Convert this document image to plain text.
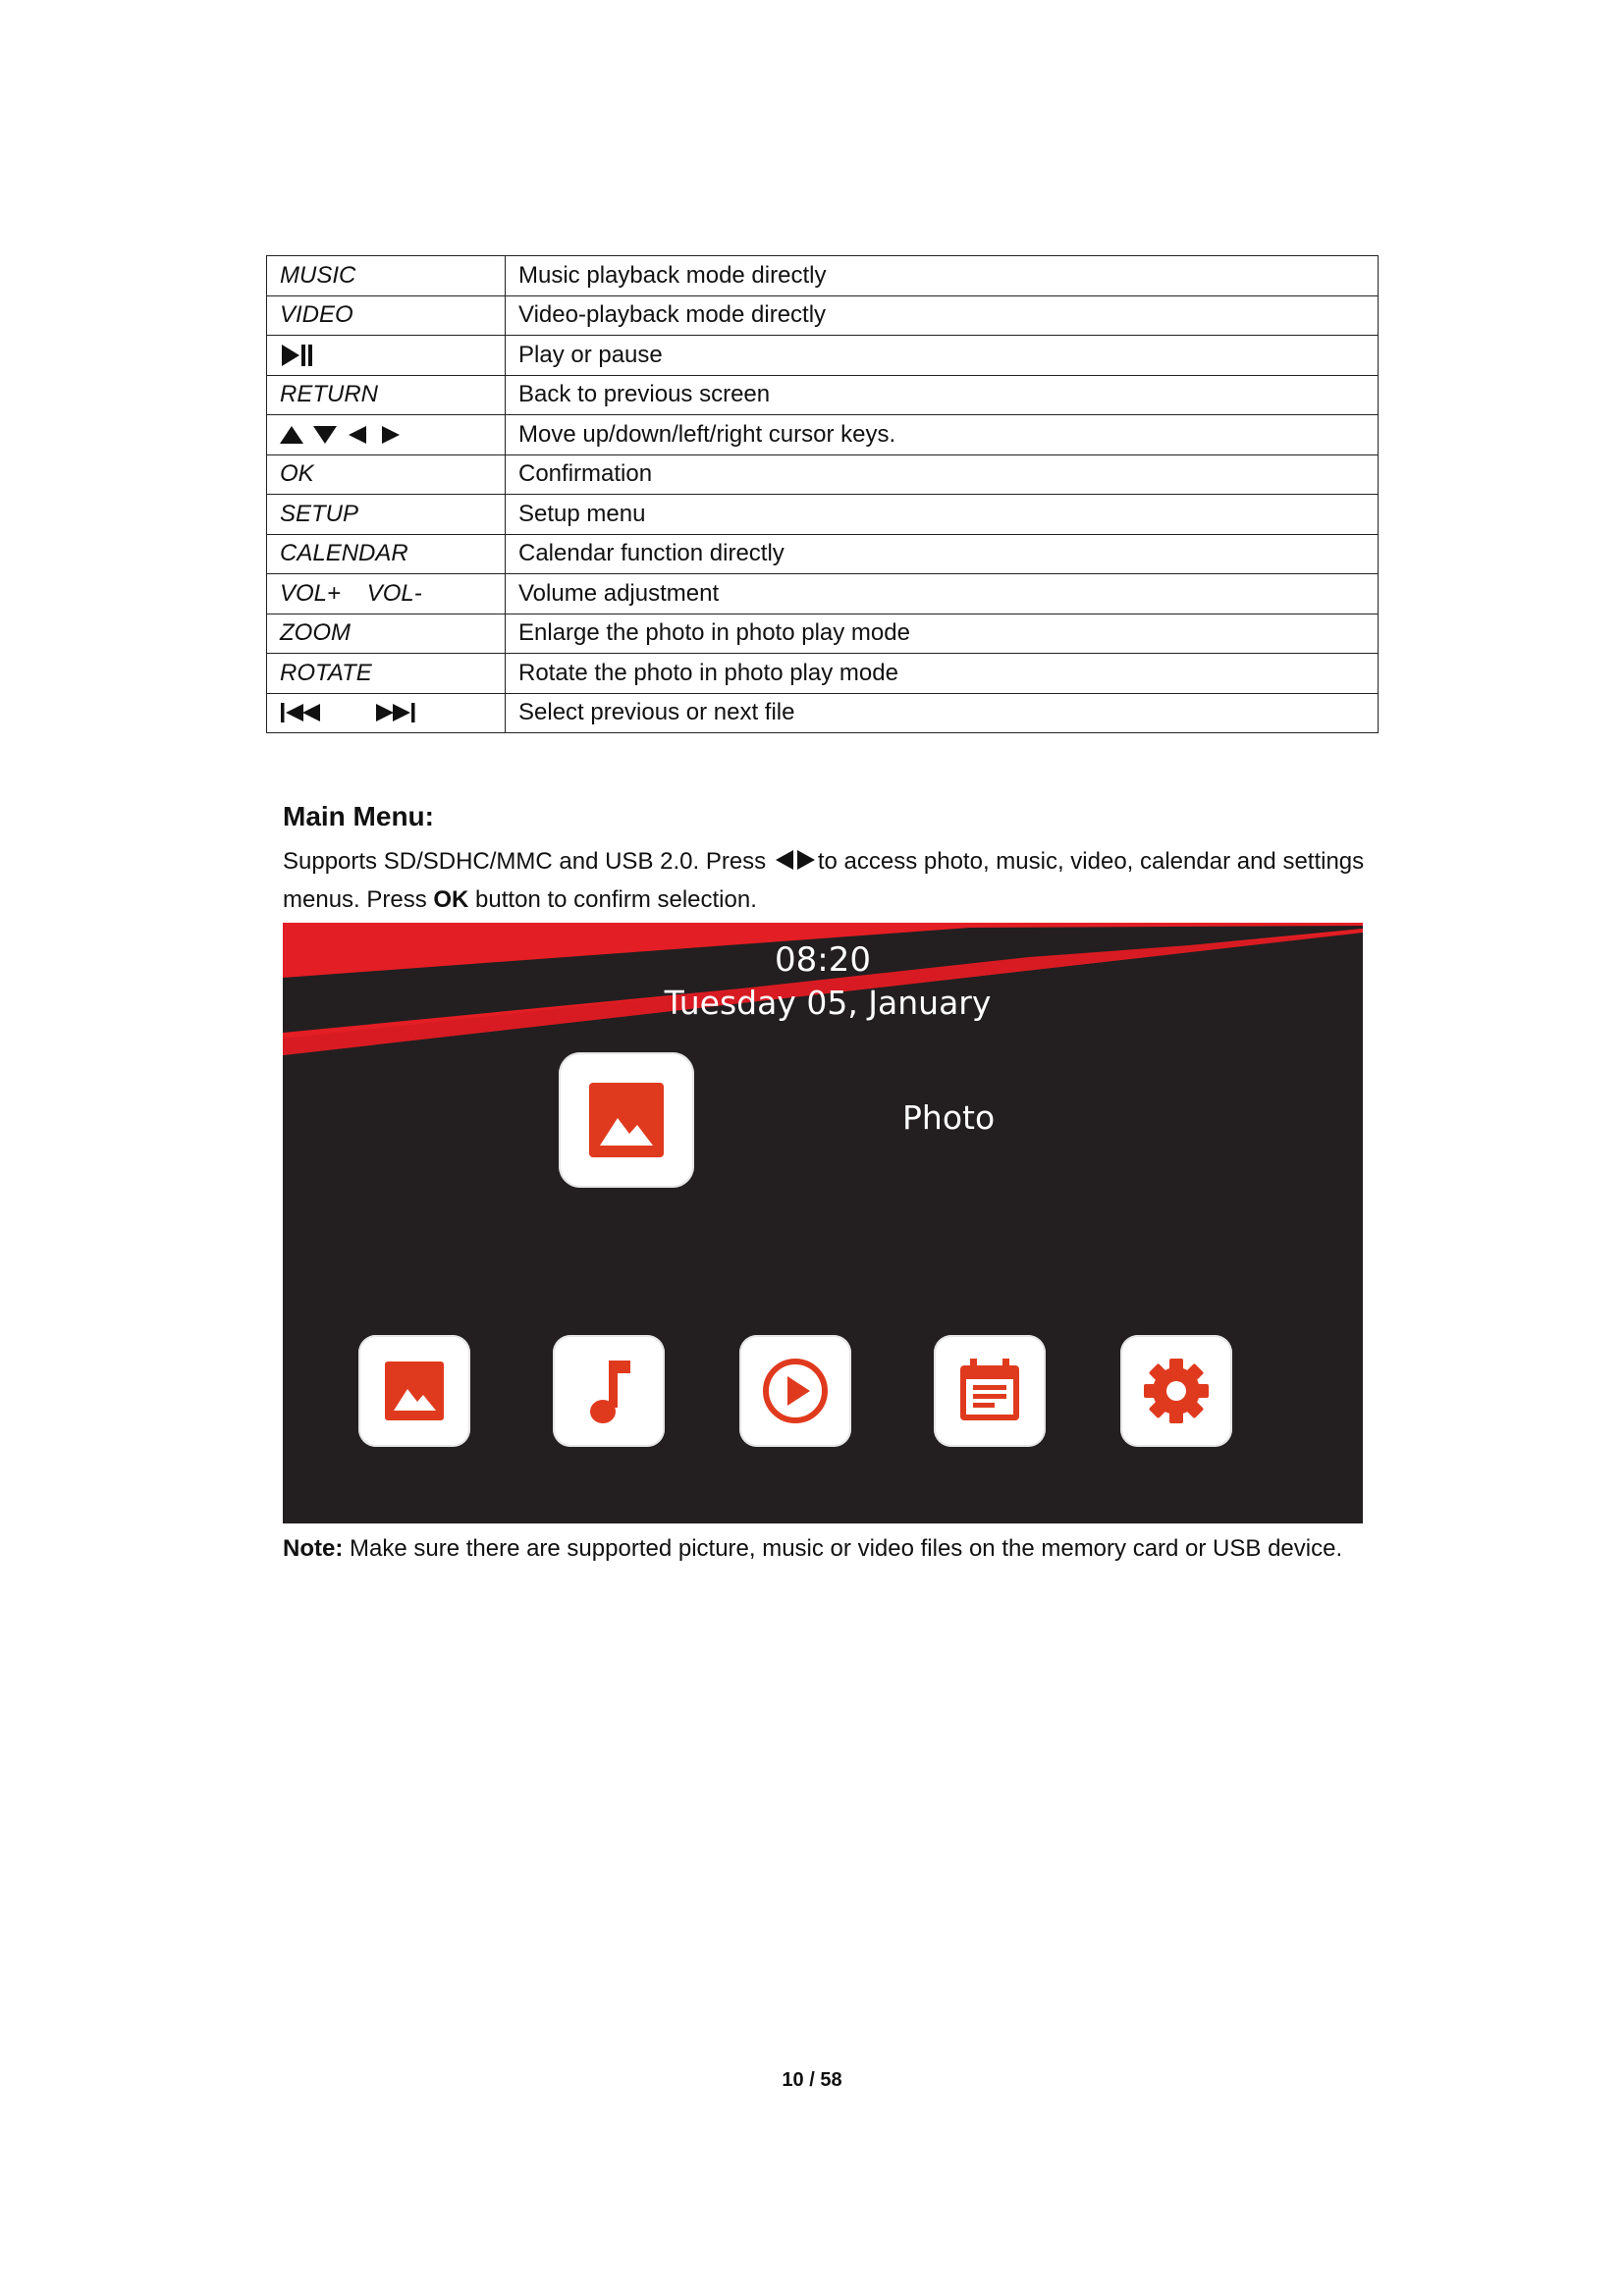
MUSIC	Music playback mode directly
VIDEO	Video-playback mode directly

	Play or pause
RETURN	Back to previous screen

	Move up/down/left/right cursor keys.
OK	Confirmation
SETUP	Setup menu
CALENDAR	Calendar function directly
VOL+    VOL-	Volume adjustment
ZOOM	Enlarge the photo in photo play mode
ROTATE	Rotate the photo in photo play mode

	Select previous or next file
Main Menu:

Supports SD/SDHC/MMC and USB 2.0. Press to access photo, music, video, calendar and settings menus. Press OK button to confirm selection.

08:20
Tuesday 05, January
Photo

Note: Make sure there are supported picture, music or video files on the memory card or USB device.

10 / 58
